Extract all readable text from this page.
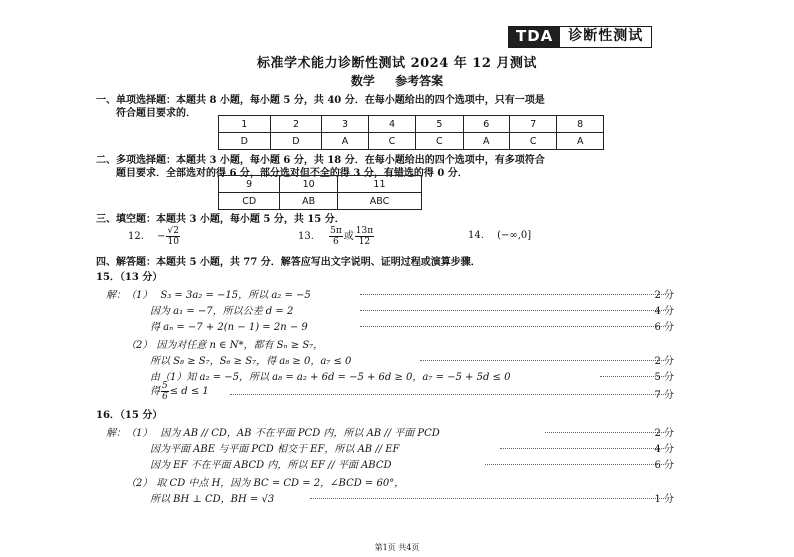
TDA	诊断性测试
标准学术能力诊断性测试 2024 年 12 月测试
数学 参考答案
一、单项选择题：本题共 8 小题，每小题 5 分，共 40 分．在每小题给出的四个选项中，只有一项是
符合题目要求的．
1	2	3	4	5	6	7	8
D	D	A	C	C	A	C	A
二、多项选择题：本题共 3 小题，每小题 6 分，共 18 分．在每小题给出的四个选项中，有多项符合
题目要求．全部选对的得 6 分，部分选对但不全的得 3 分，有错选的得 0 分．
9	10	11
CD	AB	ABC
三、填空题：本题共 3 小题，每小题 5 分，共 15 分．
12. − $\frac{√2}{10}$	13. $\frac{5\pi}{6}$ 或 $\frac{13\pi}{12}$	14. (−∞,0]
四、解答题：本题共 5 小题，共 77 分．解答应写出文字说明、证明过程或演算步骤．
15．（13 分）
解：（1） S₃ = 3a₂ = −15，所以 a₂ = −5	2 分
因为 a₁ = −7，所以公差 d = 2	4 分
得 aₙ = −7 + 2(n − 1) = 2n − 9	6 分
（2） 因为对任意 n ∈ N*，都有 Sₙ ≥ S₇，
所以 S₈ ≥ S₇，S₆ ≥ S₇，得 a₈ ≥ 0，a₇ ≤ 0	2 分
由（1）知 a₂ = −5，所以 a₈ = a₂ + 6d = −5 + 6d ≥ 0，a₇ = −5 + 5d ≤ 0	5 分
得 $\frac{5}{6} \le d \le 1$	7 分
16．（15 分）
解：（1） 因为 AB // CD，AB 不在平面 PCD 内，所以 AB // 平面 PCD	2 分
因为平面 ABE 与平面 PCD 相交于 EF，所以 AB // EF	4 分
因为 EF 不在平面 ABCD 内，所以 EF // 平面 ABCD	6 分
（2） 取 CD 中点 H，因为 BC = CD = 2，∠BCD = 60°，
所以 BH ⊥ CD，BH = √3	1 分
第1页 共4页
